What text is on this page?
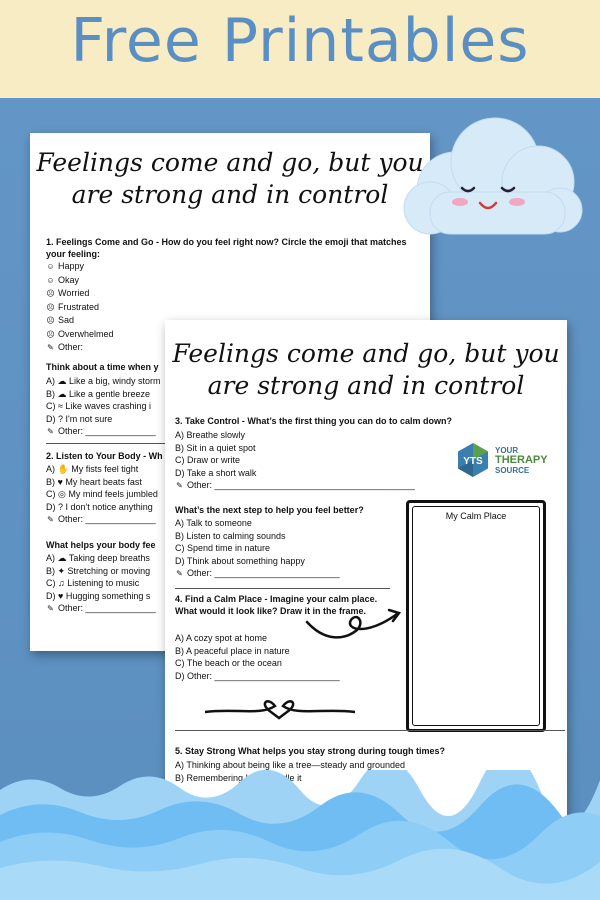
Free Printables
Feelings come and go, but you are strong and in control
1. Feelings Come and Go - How do you feel right now? Circle the emoji that matches your feeling:
☺ Happy
☺ Okay
☹ Worried
☹ Frustrated
☹ Sad
☹ Overwhelmed
✎ Other:
Think about a time when y
A) ☁ Like a big, windy storm
B) ☁ Like a gentle breeze
C) ≈ Like waves crashing i
D) ? I'm not sure
✎ Other: ______________
2. Listen to Your Body - Wh
A) ✋ My fists feel tight
B) ♥ My heart beats fast
C) ◎ My mind feels jumbled
D) ? I don't notice anything
✎ Other: ______________
What helps your body fee
A) ☁ Taking deep breaths
B) ✦ Stretching or moving
C) ♫ Listening to music
D) ♥ Hugging something s
✎ Other: ______________
Feelings come and go, but you are strong and in control
3. Take Control - What’s the first thing you can do to calm down?
A) Breathe slowly
B) Sit in a quiet spot
C) Draw or write
D) Take a short walk
✎ Other: ________________________________________
YTS
YOUR
THERAPY
SOURCE
What’s the next step to help you feel better?
A) Talk to someone
B) Listen to calming sounds
C) Spend time in nature
D) Think about something happy
✎ Other: _________________________
4. Find a Calm Place - Imagine your calm place. What would it look like? Draw it in the frame.
A) A cozy spot at home
B) A peaceful place in nature
C) The beach or the ocean
D) Other: _________________________
My Calm Place
5. Stay Strong What helps you stay strong during tough times?
A) Thinking about being like a tree—steady and grounded
B) Remembering I can handle it
